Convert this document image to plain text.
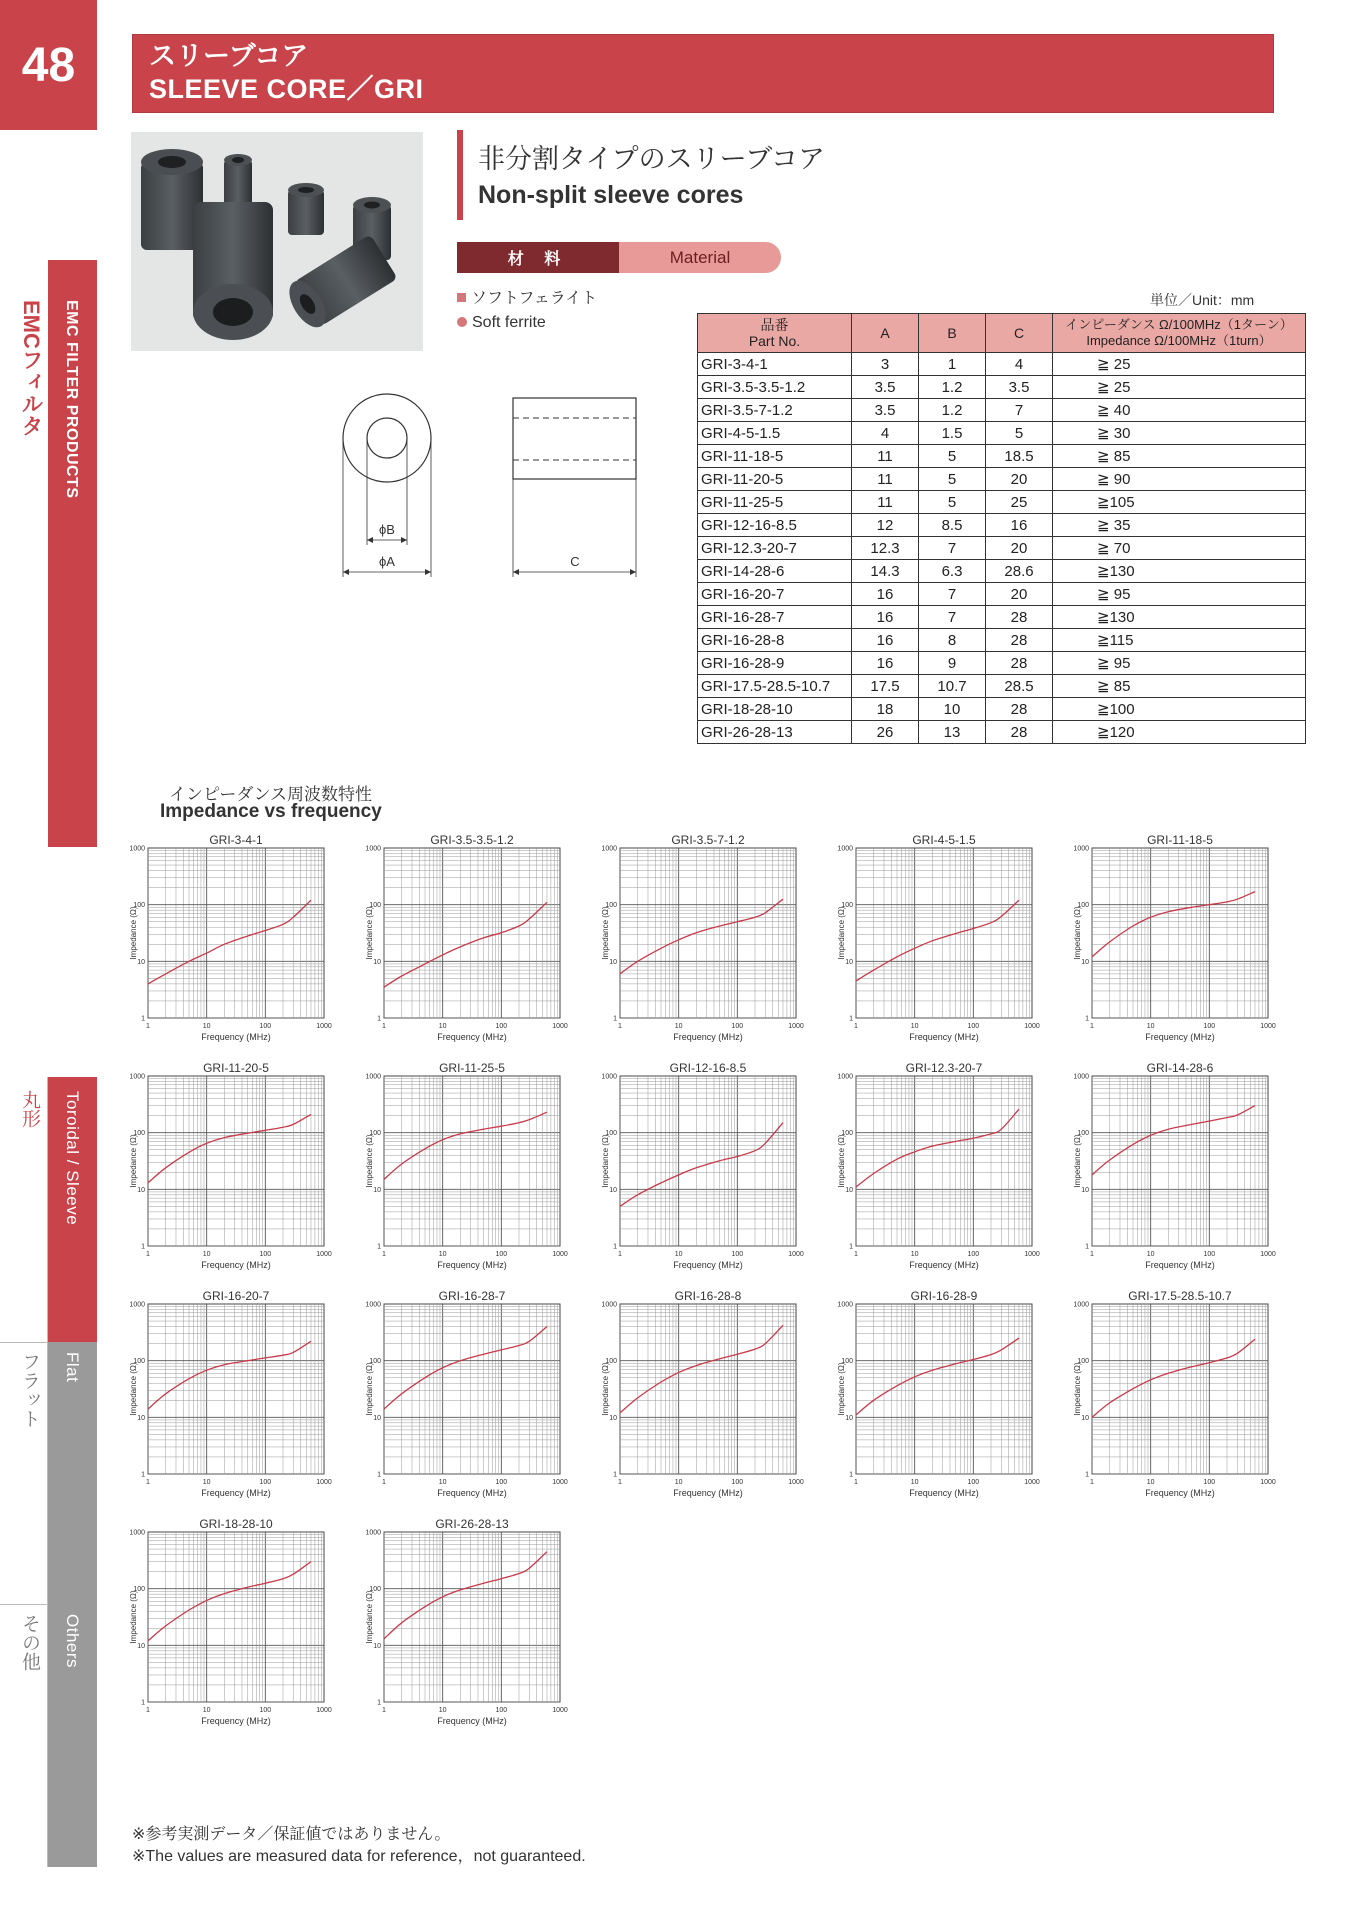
48	スリーブコア
SLEEVE CORE／GRI
EMC FILTER PRODUCTS
EMCフィルタ
Toroidal / Sleeve
丸形
Flat
フラット
Others
その他
非分割タイプのスリーブコア
Non-split sleeve cores
材 料	Material
ソフトフェライト
Soft ferrite
ϕB
ϕA	C
単位／Unit：mm
品番
Part No.	A	B	C	インピーダンス Ω/100MHz（1ターン）
Impedance Ω/100MHz（1turn）
GRI-3-4-1	3	1	4	≧ 25
GRI-3.5-3.5-1.2	3.5	1.2	3.5	≧ 25
GRI-3.5-7-1.2	3.5	1.2	7	≧ 40
GRI-4-5-1.5	4	1.5	5	≧ 30
GRI-11-18-5	11	5	18.5	≧ 85
GRI-11-20-5	11	5	20	≧ 90
GRI-11-25-5	11	5	25	≧105
GRI-12-16-8.5	12	8.5	16	≧ 35
GRI-12.3-20-7	12.3	7	20	≧ 70
GRI-14-28-6	14.3	6.3	28.6	≧130
GRI-16-20-7	16	7	20	≧ 95
GRI-16-28-7	16	7	28	≧130
GRI-16-28-8	16	8	28	≧115
GRI-16-28-9	16	9	28	≧ 95
GRI-17.5-28.5-10.7	17.5	10.7	28.5	≧ 85
GRI-18-28-10	18	10	28	≧100
GRI-26-28-13	26	13	28	≧120
インピーダンス周波数特性
Impedance vs frequency
1	10	100	1000
1
10
100
1000
GRI-3-4-1
Frequency (MHz)
Impedance (Ω)
1	10	100	1000
1
10
100
1000
GRI-3.5-3.5-1.2
Frequency (MHz)
Impedance (Ω)
1	10	100	1000
1
10
100
1000
GRI-3.5-7-1.2
Frequency (MHz)
Impedance (Ω)
1	10	100	1000
1
10
100
1000
GRI-4-5-1.5
Frequency (MHz)
Impedance (Ω)
1	10	100	1000
1
10
100
1000
GRI-11-18-5
Frequency (MHz)
Impedance (Ω)
1	10	100	1000
1
10
100
1000
GRI-11-20-5
Frequency (MHz)
Impedance (Ω)
1	10	100	1000
1
10
100
1000
GRI-11-25-5
Frequency (MHz)
Impedance (Ω)
1	10	100	1000
1
10
100
1000
GRI-12-16-8.5
Frequency (MHz)
Impedance (Ω)
1	10	100	1000
1
10
100
1000
GRI-12.3-20-7
Frequency (MHz)
Impedance (Ω)
1	10	100	1000
1
10
100
1000
GRI-14-28-6
Frequency (MHz)
Impedance (Ω)
1	10	100	1000
1
10
100
1000
GRI-16-20-7
Frequency (MHz)
Impedance (Ω)
1	10	100	1000
1
10
100
1000
GRI-16-28-7
Frequency (MHz)
Impedance (Ω)
1	10	100	1000
1
10
100
1000
GRI-16-28-8
Frequency (MHz)
Impedance (Ω)
1	10	100	1000
1
10
100
1000
GRI-16-28-9
Frequency (MHz)
Impedance (Ω)
1	10	100	1000
1
10
100
1000
GRI-17.5-28.5-10.7
Frequency (MHz)
Impedance (Ω)
1	10	100	1000
1
10
100
1000
GRI-18-28-10
Frequency (MHz)
Impedance (Ω)
1	10	100	1000
1
10
100
1000
GRI-26-28-13
Frequency (MHz)
Impedance (Ω)
※参考実測データ／保証値ではありません。
※The values are measured data for reference，not guaranteed.
